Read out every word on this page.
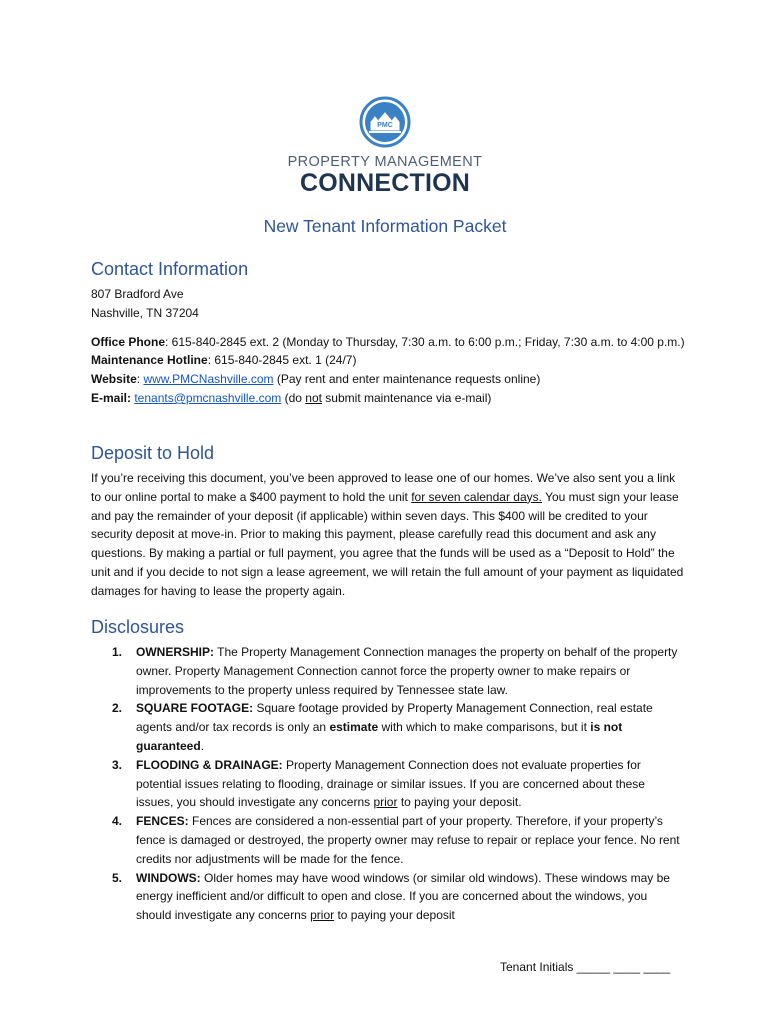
PMC
PROPERTY MANAGEMENT
CONNECTION
New Tenant Information Packet
Contact Information

807 Bradford Ave

Nashville, TN 37204

Office Phone: 615-840-2845 ext. 2 (Monday to Thursday, 7:30 a.m. to 6:00 p.m.; Friday, 7:30 a.m. to 4:00 p.m.)

Maintenance Hotline: 615-840-2845 ext. 1 (24/7)

Website: www.PMCNashville.com (Pay rent and enter maintenance requests online)

E-mail: tenants@pmcnashville.com (do not submit maintenance via e-mail)

Deposit to Hold

If you’re receiving this document, you’ve been approved to lease one of our homes. We’ve also sent you a link to our online portal to make a $400 payment to hold the unit for seven calendar days. You must sign your lease and pay the remainder of your deposit (if applicable) within seven days. This $400 will be credited to your security deposit at move-in. Prior to making this payment, please carefully read this document and ask any questions. By making a partial or full payment, you agree that the funds will be used as a “Deposit to Hold” the unit and if you decide to not sign a lease agreement, we will retain the full amount of your payment as liquidated damages for having to lease the property again.

Disclosures
1. OWNERSHIP: The Property Management Connection manages the property on behalf of the property owner. Property Management Connection cannot force the property owner to make repairs or improvements to the property unless required by Tennessee state law.
2. SQUARE FOOTAGE: Square footage provided by Property Management Connection, real estate agents and/or tax records is only an estimate with which to make comparisons, but it is not guaranteed.
3. FLOODING & DRAINAGE: Property Management Connection does not evaluate properties for potential issues relating to flooding, drainage or similar issues. If you are concerned about these issues, you should investigate any concerns prior to paying your deposit.
4. FENCES: Fences are considered a non-essential part of your property. Therefore, if your property’s fence is damaged or destroyed, the property owner may refuse to repair or replace your fence. No rent credits nor adjustments will be made for the fence.
5. WINDOWS: Older homes may have wood windows (or similar old windows). These windows may be energy inefficient and/or difficult to open and close. If you are concerned about the windows, you should investigate any concerns prior to paying your deposit
Tenant Initials _____ ____ ____
